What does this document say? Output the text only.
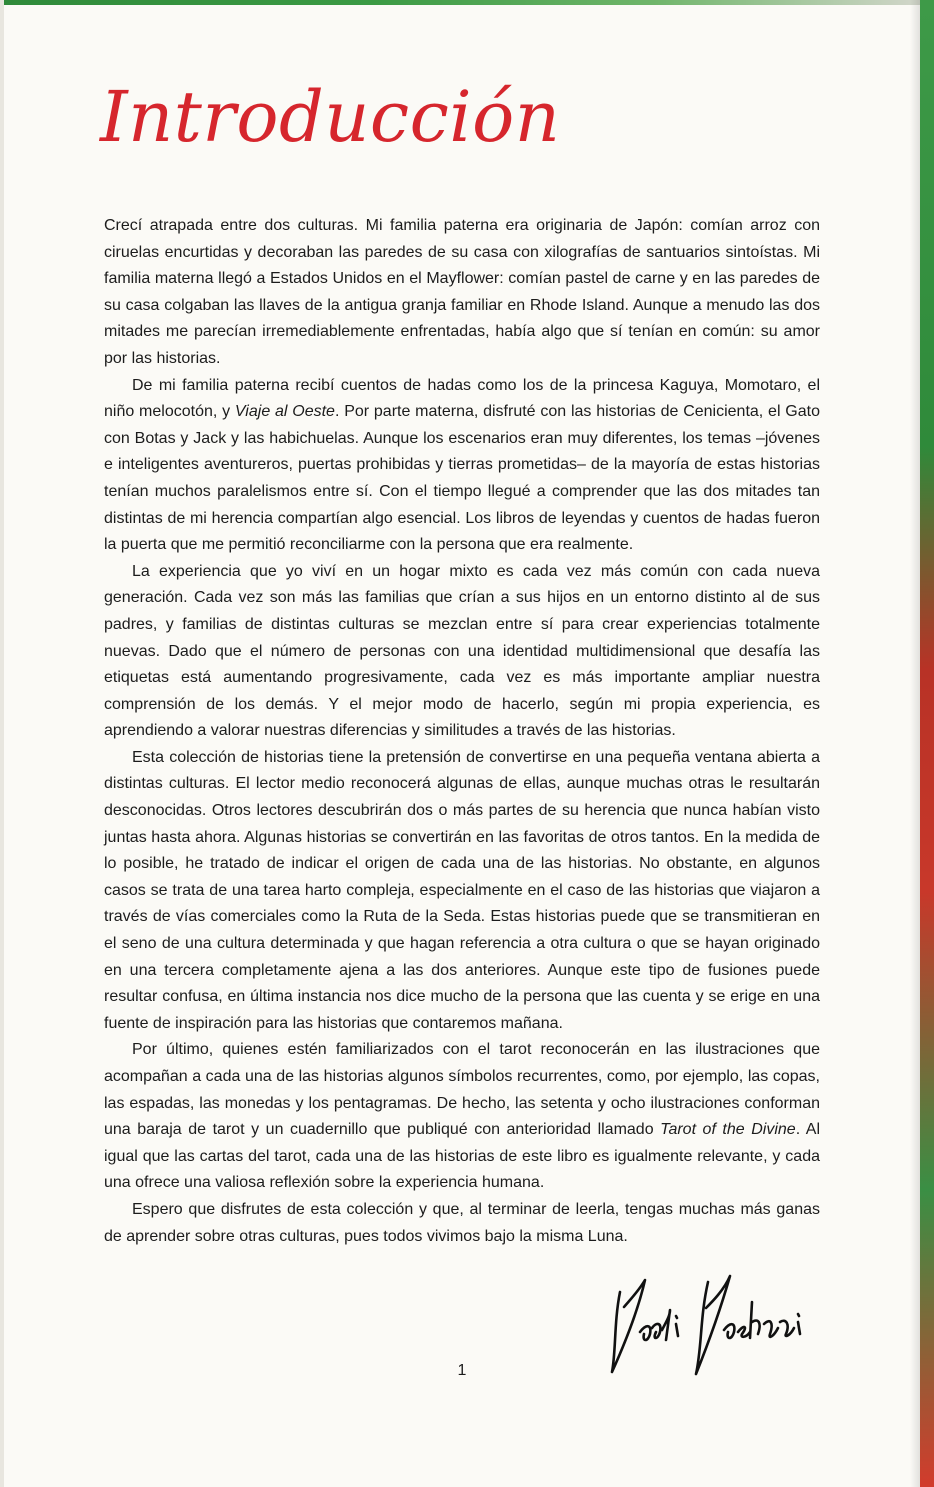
Introducción

Crecí atrapada entre dos culturas. Mi familia paterna era originaria de Japón: comían arroz con ciruelas encurtidas y decoraban las paredes de su casa con xilografías de santuarios sintoístas. Mi familia materna llegó a Estados Unidos en el Mayflower: comían pastel de carne y en las paredes de su casa colgaban las llaves de la antigua granja familiar en Rhode Island. Aunque a menudo las dos mitades me parecían irremediablemente enfrentadas, había algo que sí tenían en común: su amor por las historias.

De mi familia paterna recibí cuentos de hadas como los de la princesa Kaguya, Momotaro, el niño melocotón, y Viaje al Oeste. Por parte materna, disfruté con las historias de Cenicienta, el Gato con Botas y Jack y las habichuelas. Aunque los escenarios eran muy diferentes, los temas –jóvenes e inteligentes aventureros, puertas prohibidas y tierras prometidas– de la mayoría de estas historias tenían muchos paralelismos entre sí. Con el tiempo llegué a comprender que las dos mitades tan distintas de mi herencia compartían algo esencial. Los libros de leyendas y cuentos de hadas fueron la puerta que me permitió reconciliarme con la persona que era realmente.

La experiencia que yo viví en un hogar mixto es cada vez más común con cada nueva generación. Cada vez son más las familias que crían a sus hijos en un entorno distinto al de sus padres, y familias de distintas culturas se mezclan entre sí para crear experiencias totalmente nuevas. Dado que el número de personas con una identidad multidimensional que desafía las etiquetas está aumentando progresivamente, cada vez es más importante ampliar nuestra comprensión de los demás. Y el mejor modo de hacerlo, según mi propia experiencia, es aprendiendo a valorar nuestras diferencias y similitudes a través de las historias.

Esta colección de historias tiene la pretensión de convertirse en una pequeña ventana abierta a distintas culturas. El lector medio reconocerá algunas de ellas, aunque muchas otras le resultarán desconocidas. Otros lectores descubrirán dos o más partes de su herencia que nunca habían visto juntas hasta ahora. Algunas historias se convertirán en las favoritas de otros tantos. En la medida de lo posible, he tratado de indicar el origen de cada una de las historias. No obstante, en algunos casos se trata de una tarea harto compleja, especialmente en el caso de las historias que viajaron a través de vías comerciales como la Ruta de la Seda. Estas historias puede que se transmitieran en el seno de una cultura determinada y que hagan referencia a otra cultura o que se hayan originado en una tercera completamente ajena a las dos anteriores. Aunque este tipo de fusiones puede resultar confusa, en última instancia nos dice mucho de la persona que las cuenta y se erige en una fuente de inspiración para las historias que contaremos mañana.

Por último, quienes estén familiarizados con el tarot reconocerán en las ilustraciones que acompañan a cada una de las historias algunos símbolos recurrentes, como, por ejemplo, las copas, las espadas, las monedas y los pentagramas. De hecho, las setenta y ocho ilustraciones conforman una baraja de tarot y un cuadernillo que publiqué con anterioridad llamado Tarot of the Divine. Al igual que las cartas del tarot, cada una de las historias de este libro es igualmente relevante, y cada una ofrece una valiosa reflexión sobre la experiencia humana.

Espero que disfrutes de esta colección y que, al terminar de leerla, tengas muchas más ganas de aprender sobre otras culturas, pues todos vivimos bajo la misma Luna.

1
